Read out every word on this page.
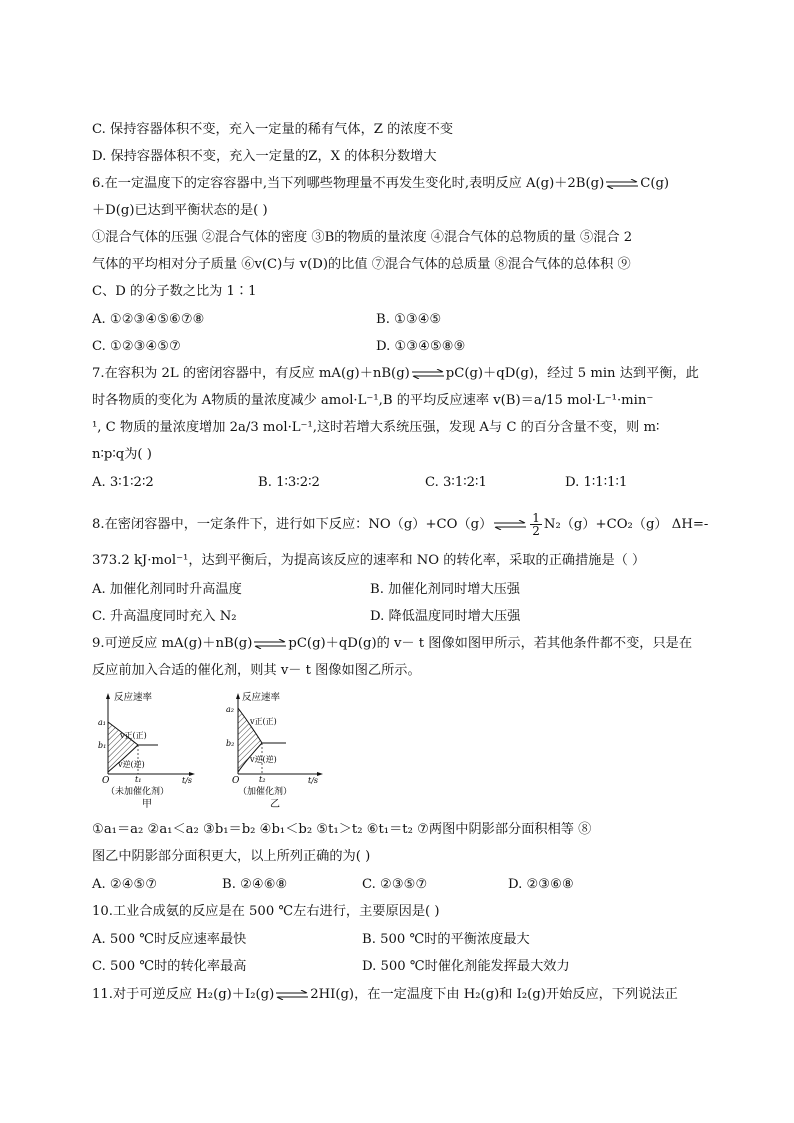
C. 保持容器体积不变，充入一定量的稀有气体，Z 的浓度不变
D. 保持容器体积不变，充入一定量的Z，X 的体积分数增大
6.在一定温度下的定容容器中,当下列哪些物理量不再发生变化时,表明反应 A(g)＋2B(g)⇌C(g)
＋D(g)已达到平衡状态的是( )
①混合气体的压强 ②混合气体的密度 ③B的物质的量浓度 ④混合气体的总物质的量 ⑤混合 2
气体的平均相对分子质量 ⑥v(C)与 v(D)的比值 ⑦混合气体的总质量 ⑧混合气体的总体积 ⑨
C、D 的分子数之比为 1∶1
A. ①②③④⑤⑥⑦⑧	B. ①③④⑤
C. ①②③④⑤⑦	D. ①③④⑤⑧⑨
7.在容积为 2L 的密闭容器中，有反应 mA(g)＋nB(g)⇌pC(g)＋qD(g)，经过 5 min 达到平衡，此
时各物质的变化为 A物质的量浓度减少 amol·L⁻¹,B 的平均反应速率 v(B)＝a/15 mol·L⁻¹·min⁻
¹, C 物质的量浓度增加 2a/3 mol·L⁻¹,这时若增大系统压强，发现 A与 C 的百分含量不变，则 m∶
n∶p∶q为( )
A. 3∶1∶2∶2	B. 1∶3∶2∶2	C. 3∶1∶2∶1	D. 1∶1∶1∶1
8.在密闭容器中，一定条件下，进行如下反应：NO（g）+CO（g）⇌ $\frac{1}{2} N_2(g)+CO_2(g)$ ΔH=-
373.2 kJ·mol⁻¹，达到平衡后，为提高该反应的速率和 NO 的转化率，采取的正确措施是（ ）
A. 加催化剂同时升高温度	B. 加催化剂同时增大压强
C. 升高温度同时充入 N₂	D. 降低温度同时增大压强
9.可逆反应 mA(g)＋nB(g)⇌pC(g)＋qD(g)的 v－ t 图像如图甲所示，若其他条件都不变，只是在
反应前加入合适的催化剂，则其 v－ t 图像如图乙所示。
反应速率
a₁
b₁
v正(正)
v逆(逆)
O	t₁	t/s
（未加催化剂）
甲
反应速率
a₂
b₂
v正(正)
v逆(逆)
O t₂	t/s
（加催化剂）
乙
①a₁＝a₂ ②a₁＜a₂ ③b₁＝b₂ ④b₁＜b₂ ⑤t₁＞t₂ ⑥t₁＝t₂ ⑦两图中阴影部分面积相等 ⑧
图乙中阴影部分面积更大，以上所列正确的为( )
A. ②④⑤⑦	B. ②④⑥⑧	C. ②③⑤⑦	D. ②③⑥⑧
10.工业合成氨的反应是在 500 ℃左右进行，主要原因是( )
A. 500 ℃时反应速率最快	B. 500 ℃时的平衡浓度最大
C. 500 ℃时的转化率最高	D. 500 ℃时催化剂能发挥最大效力
11.对于可逆反应 H₂(g)＋I₂(g)⇌2HI(g)，在一定温度下由 H₂(g)和 I₂(g)开始反应，下列说法正
